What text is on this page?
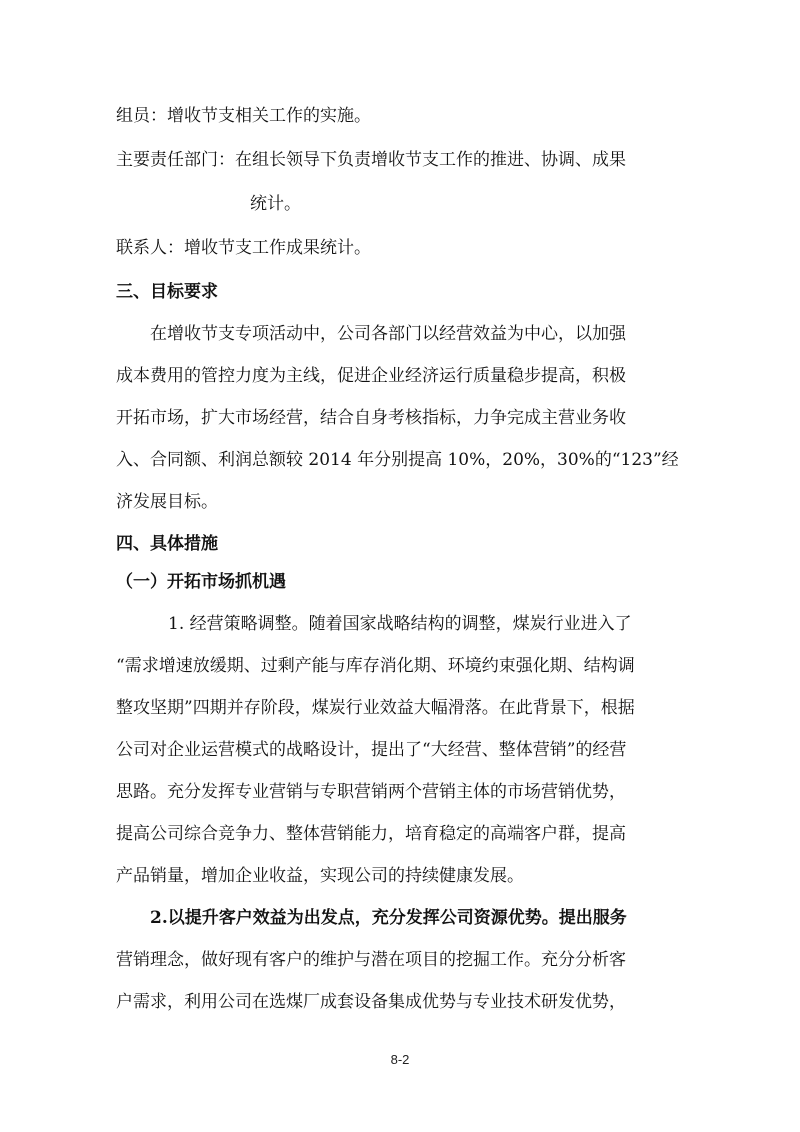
组员：增收节支相关工作的实施。
主要责任部门：在组长领导下负责增收节支工作的推进、协调、成果
统计。
联系人：增收节支工作成果统计。
三、目标要求
在增收节支专项活动中，公司各部门以经营效益为中心，以加强
成本费用的管控力度为主线，促进企业经济运行质量稳步提高，积极
开拓市场，扩大市场经营，结合自身考核指标，力争完成主营业务收
入、合同额、利润总额较 2014 年分别提高 10%，20%，30%的“123”经
济发展目标。
四、具体措施
（一）开拓市场抓机遇
1. 经营策略调整。随着国家战略结构的调整，煤炭行业进入了
“需求增速放缓期、过剩产能与库存消化期、环境约束强化期、结构调
整攻坚期”四期并存阶段，煤炭行业效益大幅滑落。在此背景下，根据
公司对企业运营模式的战略设计，提出了“大经营、整体营销”的经营
思路。充分发挥专业营销与专职营销两个营销主体的市场营销优势，
提高公司综合竞争力、整体营销能力，培育稳定的高端客户群，提高
产品销量，增加企业收益，实现公司的持续健康发展。
2.以提升客户效益为出发点，充分发挥公司资源优势。提出服务
营销理念，做好现有客户的维护与潜在项目的挖掘工作。充分分析客
户需求，利用公司在选煤厂成套设备集成优势与专业技术研发优势，
8-2
